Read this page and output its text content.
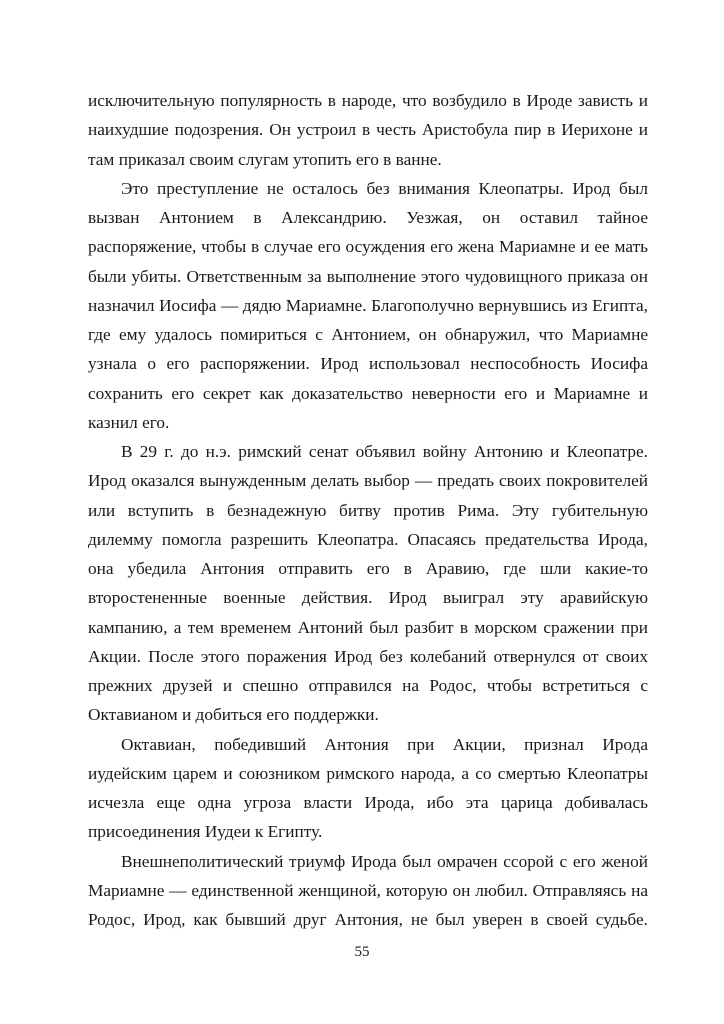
исключительную популярность в народе, что возбудило в Ироде зависть и
наихудшие подозрения. Он устроил в честь Аристобула пир в Иерихоне и
там приказал своим слугам утопить его в ванне.
Это преступление не осталось без внимания Клеопатры. Ирод был
вызван Антонием в Александрию. Уезжая, он оставил тайное
распоряжение, чтобы в случае его осуждения его жена Мариамне и ее мать
были убиты. Ответственным за выполнение этого чудовищного приказа он
назначил Иосифа — дядю Мариамне. Благополучно вернувшись из Египта,
где ему удалось помириться с Антонием, он обнаружил, что Мариамне
узнала о его распоряжении. Ирод использовал неспособность Иосифа
сохранить его секрет как доказательство неверности его и Мариамне и
казнил его.
В 29 г. до н.э. римский сенат объявил войну Антонию и Клеопатре.
Ирод оказался вынужденным делать выбор — предать своих покровителей
или вступить в безнадежную битву против Рима. Эту губительную
дилемму помогла разрешить Клеопатра. Опасаясь предательства Ирода,
она убедила Антония отправить его в Аравию, где шли какие-то
второстененные военные действия. Ирод выиграл эту аравийскую
кампанию, а тем временем Антоний был разбит в морском сражении при
Акции. После этого поражения Ирод без колебаний отвернулся от своих
прежних друзей и спешно отправился на Родос, чтобы встретиться с
Октавианом и добиться его поддержки.
Октавиан, победивший Антония при Акции, признал Ирода
иудейским царем и союзником римского народа, а со смертью Клеопатры
исчезла еще одна угроза власти Ирода, ибо эта царица добивалась
присоединения Иудеи к Египту.
Внешнеполитический триумф Ирода был омрачен ссорой с его женой
Мариамне — единственной женщиной, которую он любил. Отправляясь на
Родос, Ирод, как бывший друг Антония, не был уверен в своей судьбе.
55
